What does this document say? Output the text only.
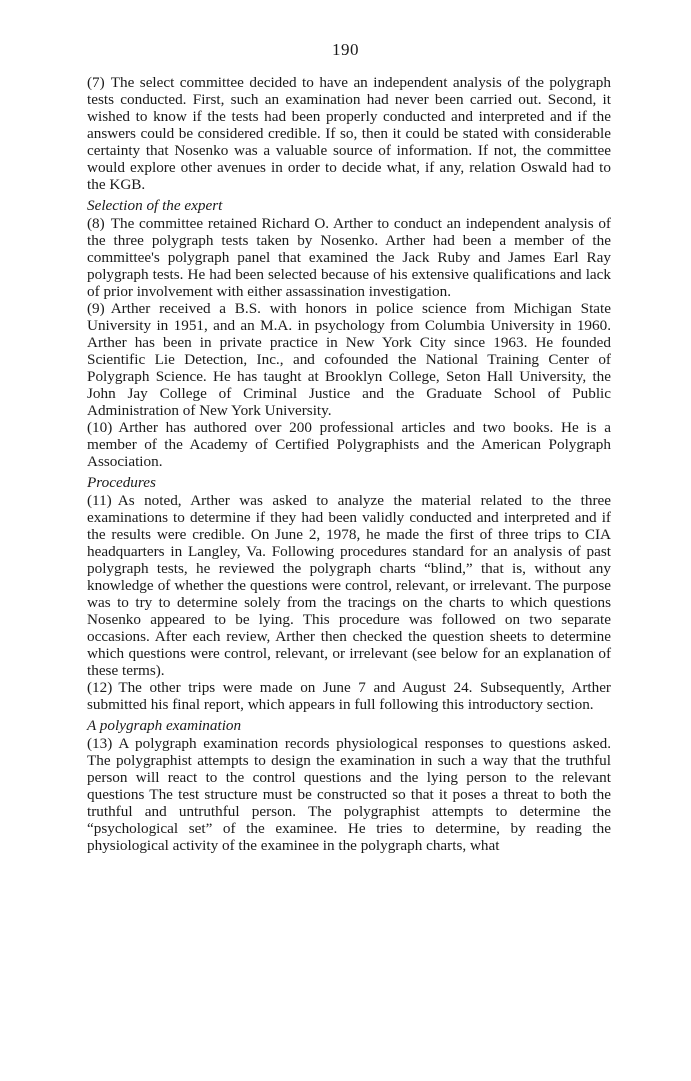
190

(7) The select committee decided to have an independent analysis of the polygraph tests conducted. First, such an examination had never been carried out. Second, it wished to know if the tests had been properly conducted and interpreted and if the answers could be considered credible. If so, then it could be stated with considerable certainty that Nosenko was a valuable source of information. If not, the committee would explore other avenues in order to decide what, if any, relation Oswald had to the KGB.

Selection of the expert

(8) The committee retained Richard O. Arther to conduct an independent analysis of the three polygraph tests taken by Nosenko. Arther had been a member of the committee's polygraph panel that examined the Jack Ruby and James Earl Ray polygraph tests. He had been selected because of his extensive qualifications and lack of prior involvement with either assassination investigation.

(9) Arther received a B.S. with honors in police science from Michigan State University in 1951, and an M.A. in psychology from Columbia University in 1960. Arther has been in private practice in New York City since 1963. He founded Scientific Lie Detection, Inc., and cofounded the National Training Center of Polygraph Science. He has taught at Brooklyn College, Seton Hall University, the John Jay College of Criminal Justice and the Graduate School of Public Administration of New York University.

(10) Arther has authored over 200 professional articles and two books. He is a member of the Academy of Certified Polygraphists and the American Polygraph Association.

Procedures

(11) As noted, Arther was asked to analyze the material related to the three examinations to determine if they had been validly conducted and interpreted and if the results were credible. On June 2, 1978, he made the first of three trips to CIA headquarters in Langley, Va. Following procedures standard for an analysis of past polygraph tests, he reviewed the polygraph charts “blind,” that is, without any knowledge of whether the questions were control, relevant, or irrelevant. The purpose was to try to determine solely from the tracings on the charts to which questions Nosenko appeared to be lying. This procedure was followed on two separate occasions. After each review, Arther then checked the question sheets to determine which questions were control, relevant, or irrelevant (see below for an explanation of these terms).

(12) The other trips were made on June 7 and August 24. Subsequently, Arther submitted his final report, which appears in full following this introductory section.

A polygraph examination

(13) A polygraph examination records physiological responses to questions asked. The polygraphist attempts to design the examination in such a way that the truthful person will react to the control questions and the lying person to the relevant questions The test structure must be constructed so that it poses a threat to both the truthful and untruthful person. The polygraphist attempts to determine the “psychological set” of the examinee. He tries to determine, by reading the physiological activity of the examinee in the polygraph charts, what
